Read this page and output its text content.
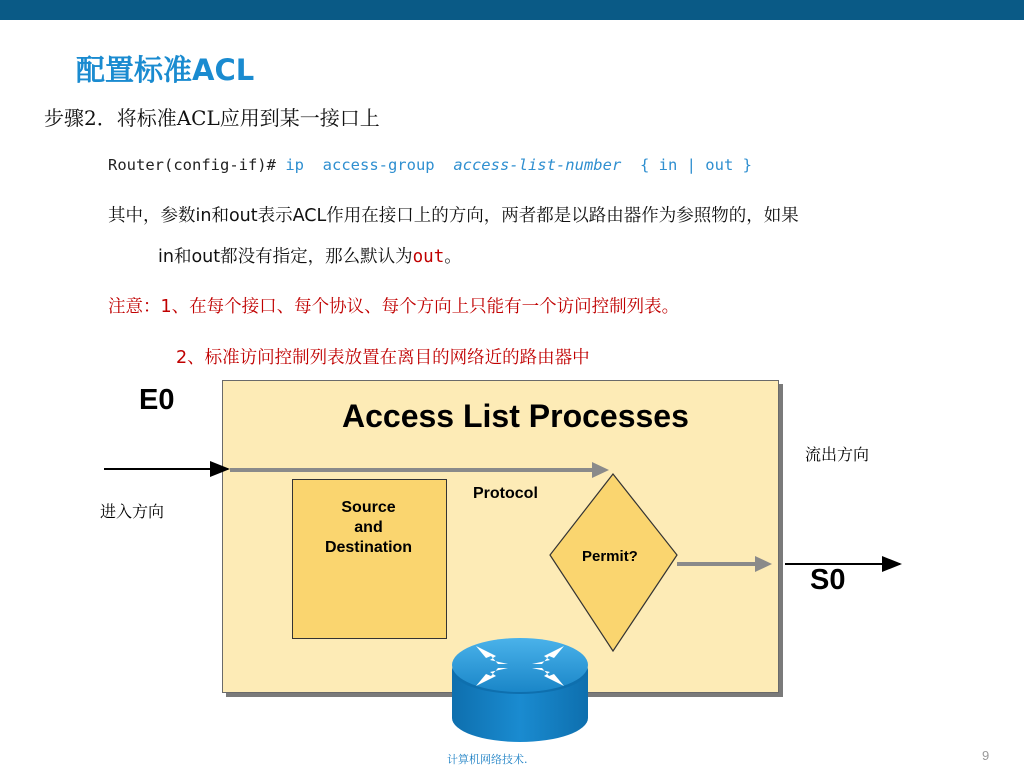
配置标准ACL
步骤2．将标准ACL应用到某一接口上
Router(config-if)# ip access-group access-list-number { in | out }
其中，参数in和out表示ACL作用在接口上的方向，两者都是以路由器作为参照物的，如果
in和out都没有指定，那么默认为out。
注意：1、在每个接口、每个协议、每个方向上只能有一个访问控制列表。
2、标准访问控制列表放置在离目的网络近的路由器中
Access List Processes
Source
and
Destination
Protocol
Permit?
E0
S0
进入方向
流出方向
计算机网络技术.	9
